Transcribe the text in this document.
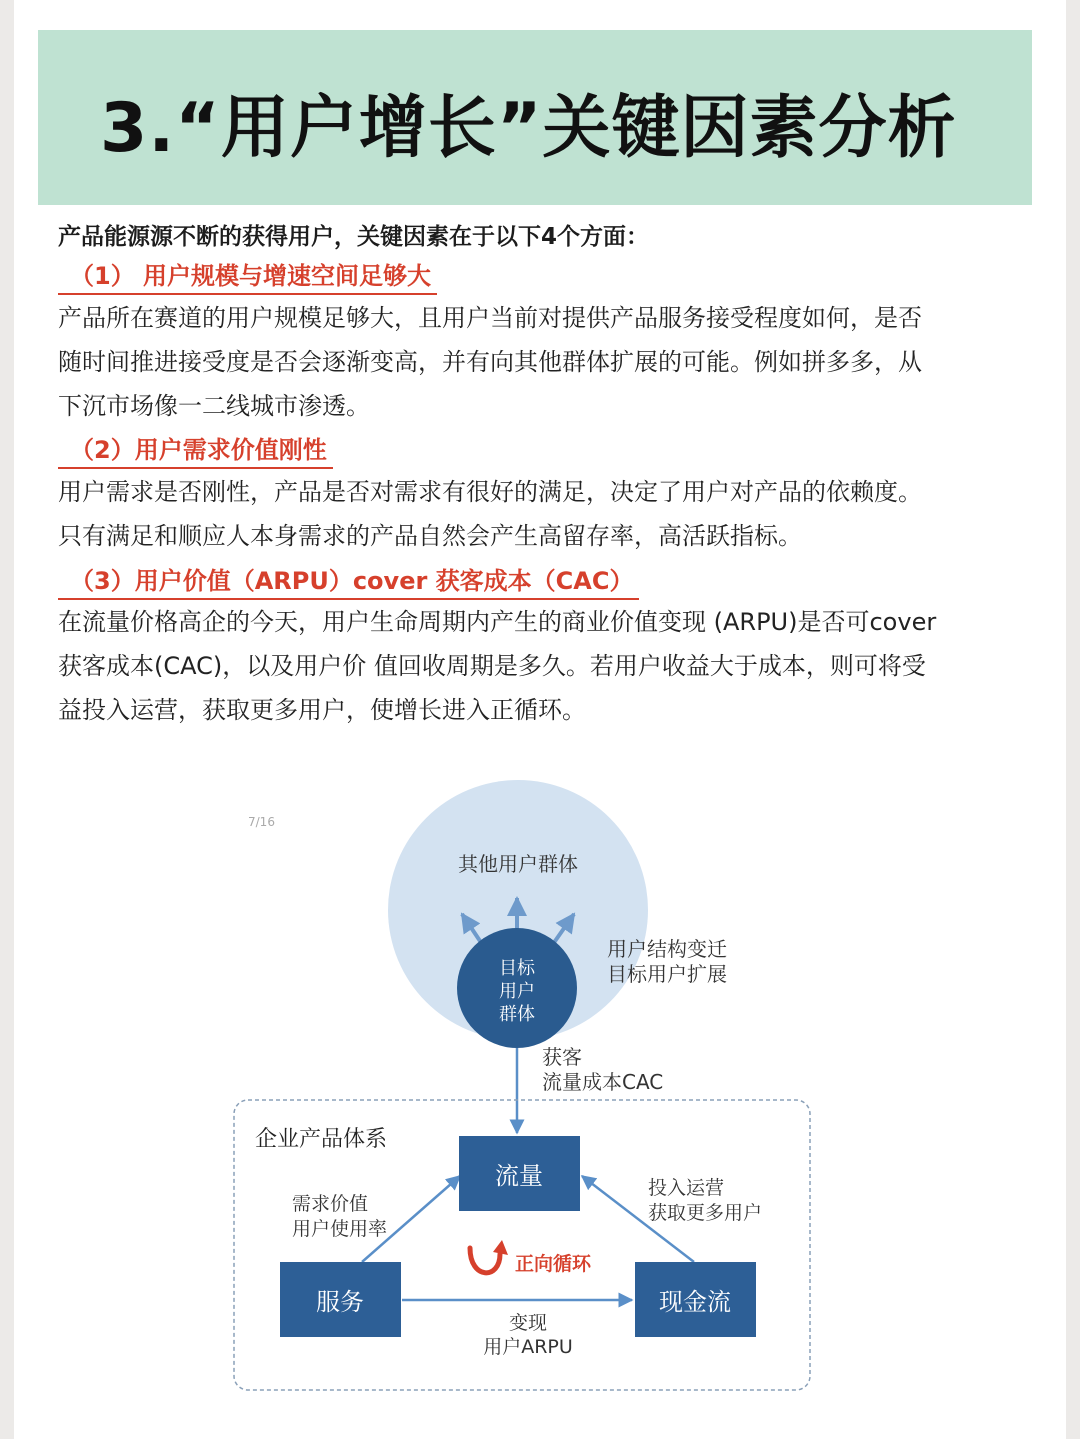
3.“用户增长”关键因素分析
产品能源源不断的获得用户，关键因素在于以下4个方面：
（1） 用户规模与增速空间足够大
产品所在赛道的用户规模足够大，且用户当前对提供产品服务接受程度如何，是否
随时间推进接受度是否会逐渐变高，并有向其他群体扩展的可能。例如拼多多，从
下沉市场像一二线城市渗透。
（2）用户需求价值刚性
用户需求是否刚性，产品是否对需求有很好的满足，决定了用户对产品的依赖度。
只有满足和顺应人本身需求的产品自然会产生高留存率，高活跃指标。
（3）用户价值（ARPU）cover 获客成本（CAC）
在流量价格高企的今天，用户生命周期内产生的商业价值变现 (ARPU)是否可cover
获客成本(CAC)，以及用户价 值回收周期是多久。若用户收益大于成本，则可将受
益投入运营，获取更多用户，使增长进入正循环。
7/16
其他用户群体
目标
用户
群体
用户结构变迁
目标用户扩展
获客
流量成本CAC
企业产品体系
流量
服务	现金流
需求价值
用户使用率
投入运营
获取更多用户
变现
用户ARPU
正向循环
